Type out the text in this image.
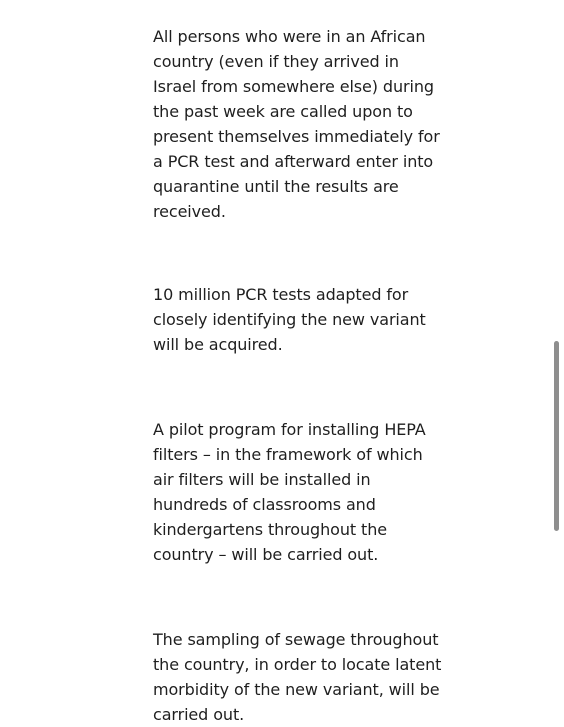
All persons who were in an African
country (even if they arrived in
Israel from somewhere else) during
the past week are called upon to
present themselves immediately for
a PCR test and afterward enter into
quarantine until the results are
received.

10 million PCR tests adapted for
closely identifying the new variant
will be acquired.

A pilot program for installing HEPA
filters – in the framework of which
air filters will be installed in
hundreds of classrooms and
kindergartens throughout the
country – will be carried out.

The sampling of sewage throughout
the country, in order to locate latent
morbidity of the new variant, will be
carried out.
